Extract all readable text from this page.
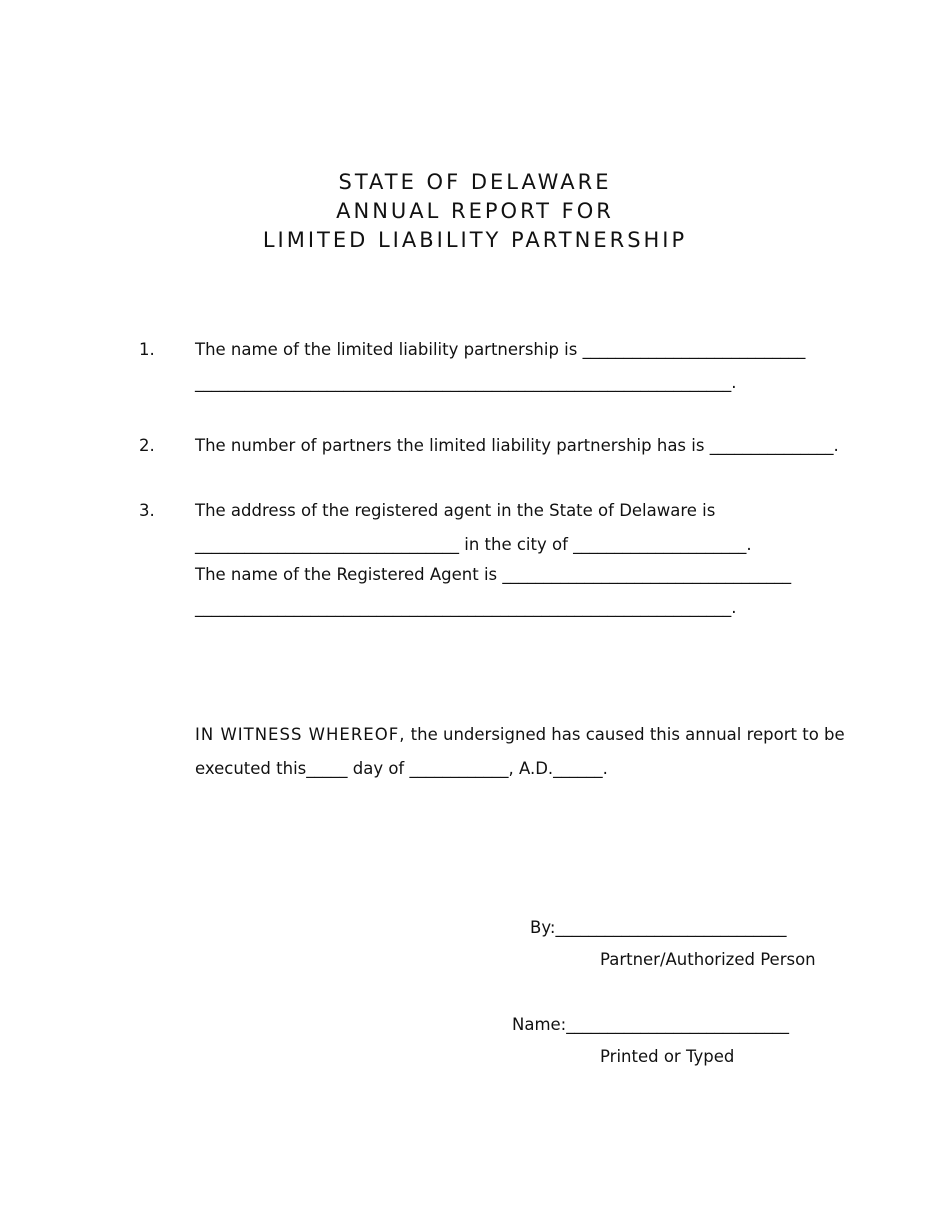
STATE OF DELAWARE
ANNUAL REPORT FOR
LIMITED LIABILITY PARTNERSHIP
1. The name of the limited liability partnership is ___________________________
_________________________________________________________________.
2. The number of partners the limited liability partnership has is _______________.
3. The address of the registered agent in the State of Delaware is
________________________________ in the city of _____________________.
The name of the Registered Agent is ___________________________________
_________________________________________________________________.
IN WITNESS WHEREOF, the undersigned has caused this annual report to be
executed this_____ day of ____________, A.D.______.
By:____________________________
Partner/Authorized Person
Name:___________________________
Printed or Typed
